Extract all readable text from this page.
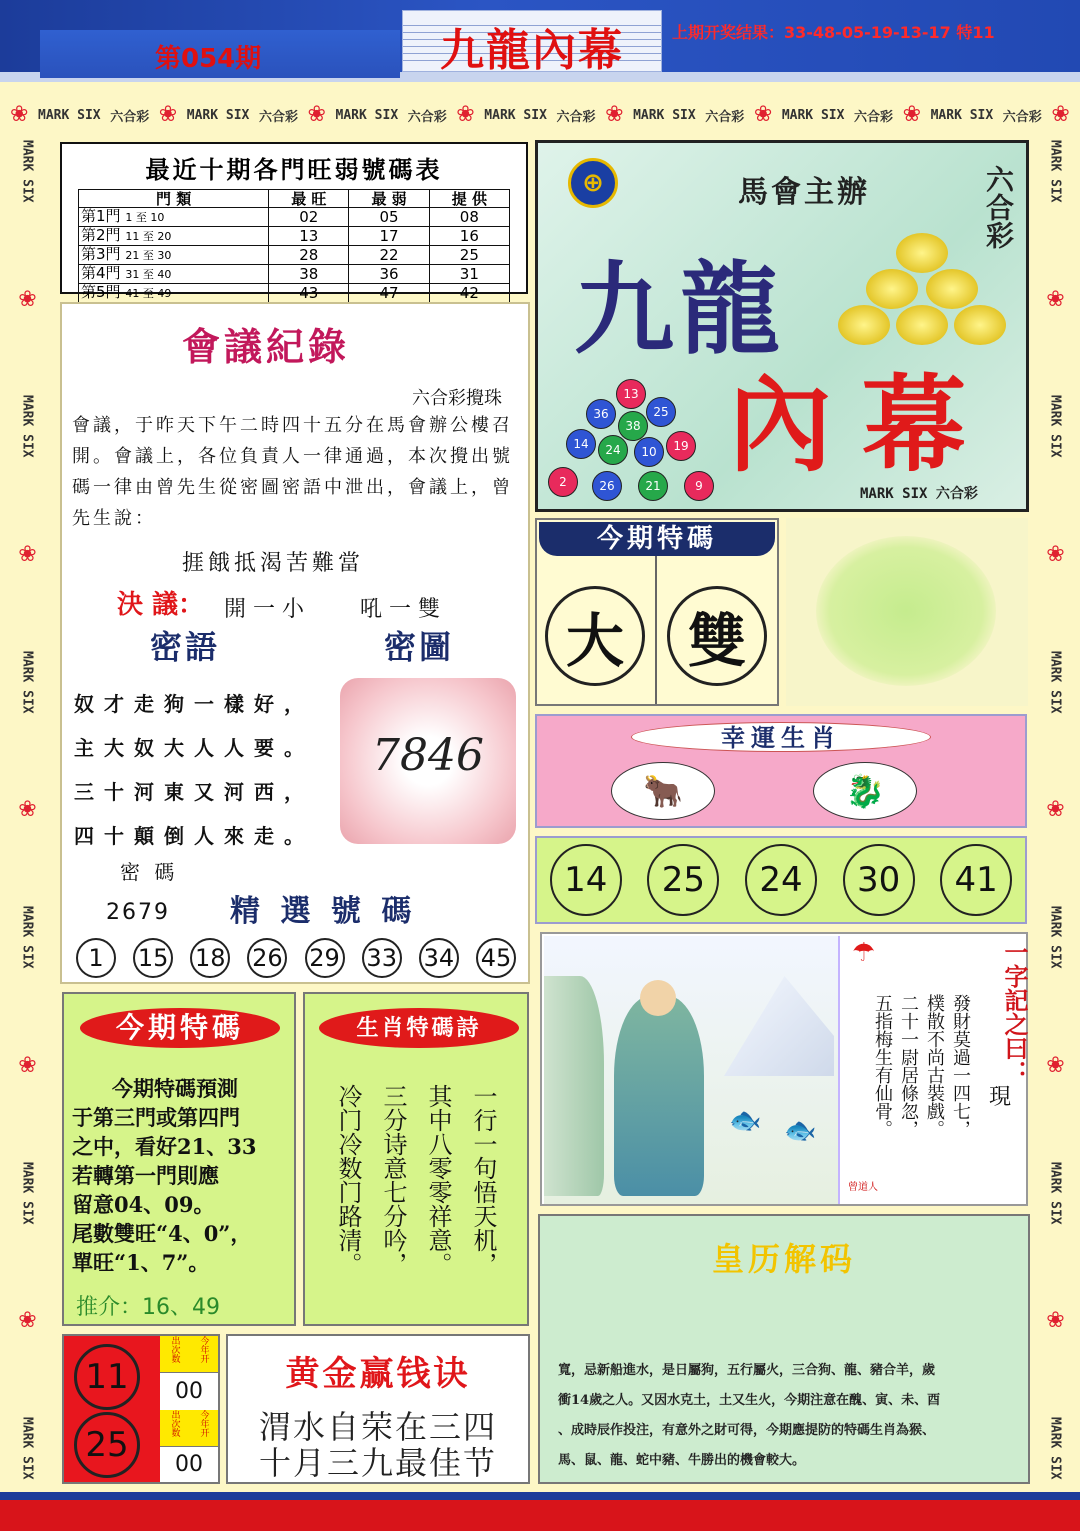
第054期	九龍內幕	上期开奖结果：33-48-05-19-13-17 特11
❀ MARK SIX 六合彩 ❀ MARK SIX 六合彩 ❀ MARK SIX 六合彩 ❀ MARK SIX 六合彩 ❀ MARK SIX 六合彩 ❀ MARK SIX 六合彩 ❀ MARK SIX 六合彩 ❀
MARK SIX
❀
MARK SIX
❀
MARK SIX
❀
MARK SIX
❀
MARK SIX
❀
MARK SIX
MARK SIX
❀
MARK SIX
❀
MARK SIX
❀
MARK SIX
❀
MARK SIX
❀
MARK SIX
最近十期各門旺弱號碼表
門 類	最 旺	最 弱	提 供
第1門 1 至 10	02	05	08
第2門 11 至 20	13	17	16
第3門 21 至 30	28	22	25
第4門 31 至 40	38	36	31
第5門 41 至 49	43	47	42
⊕	馬會主辦	六合彩
九龍
內幕
13
25
36
38
14	24	10	19
2	26	21	9	MARK SIX 六合彩
會議紀錄
六合彩攪珠
會議，于昨天下午二時四十五分在馬會辦公樓召開。會議上，各位負責人一律通過，本次攪出號碼一律由曾先生從密圖密語中泄出，會議上，曾先生說：
捱餓抵渴苦難當
決 議： 開 一 小	吼 一 雙
密語	密圖
奴才走狗一樣好，
主大奴大人人要。
三十河東又河西，
四十顛倒人來走。
7846
密 碼
2679 精 選 號 碼
1	15 18 26 29 33 34 45
今期特碼
大	雙
幸運生肖
🐂	🐉
14	25	24	30	41
今期特碼
今期特碼預測
于第三門或第四門
之中，看好21、33
若轉第一門則應
留意04、09。
尾數雙旺“4、0”，
單旺“1、7”。
推介：16、49
生肖特碼詩
一行一句悟天机，
其中八零零祥意。
三分诗意七分吟，
冷门冷数门路清。	🐟 🐟
☂	一字記之曰：
現
發財莫過一四七，
樸散不尚古裝戲。
二十一尉居條忽，
五指梅生有仙骨。
曾道人
11
25
出次数 今年开
00
出次数 今年开
00
黄金赢钱诀
渭水自荣在三四
十月三九最佳节
皇历解码
寬，忌新船進水，是日屬狗，五行屬火，三合狗、龍、豬合羊，歲
衝14歲之人。又因水克土，土又生火，今期注意在醜、寅、未、酉
、成時辰作投注，有意外之財可得，今期應提防的特碼生肖為猴、
馬、鼠、龍、蛇中豬、牛勝出的機會較大。
